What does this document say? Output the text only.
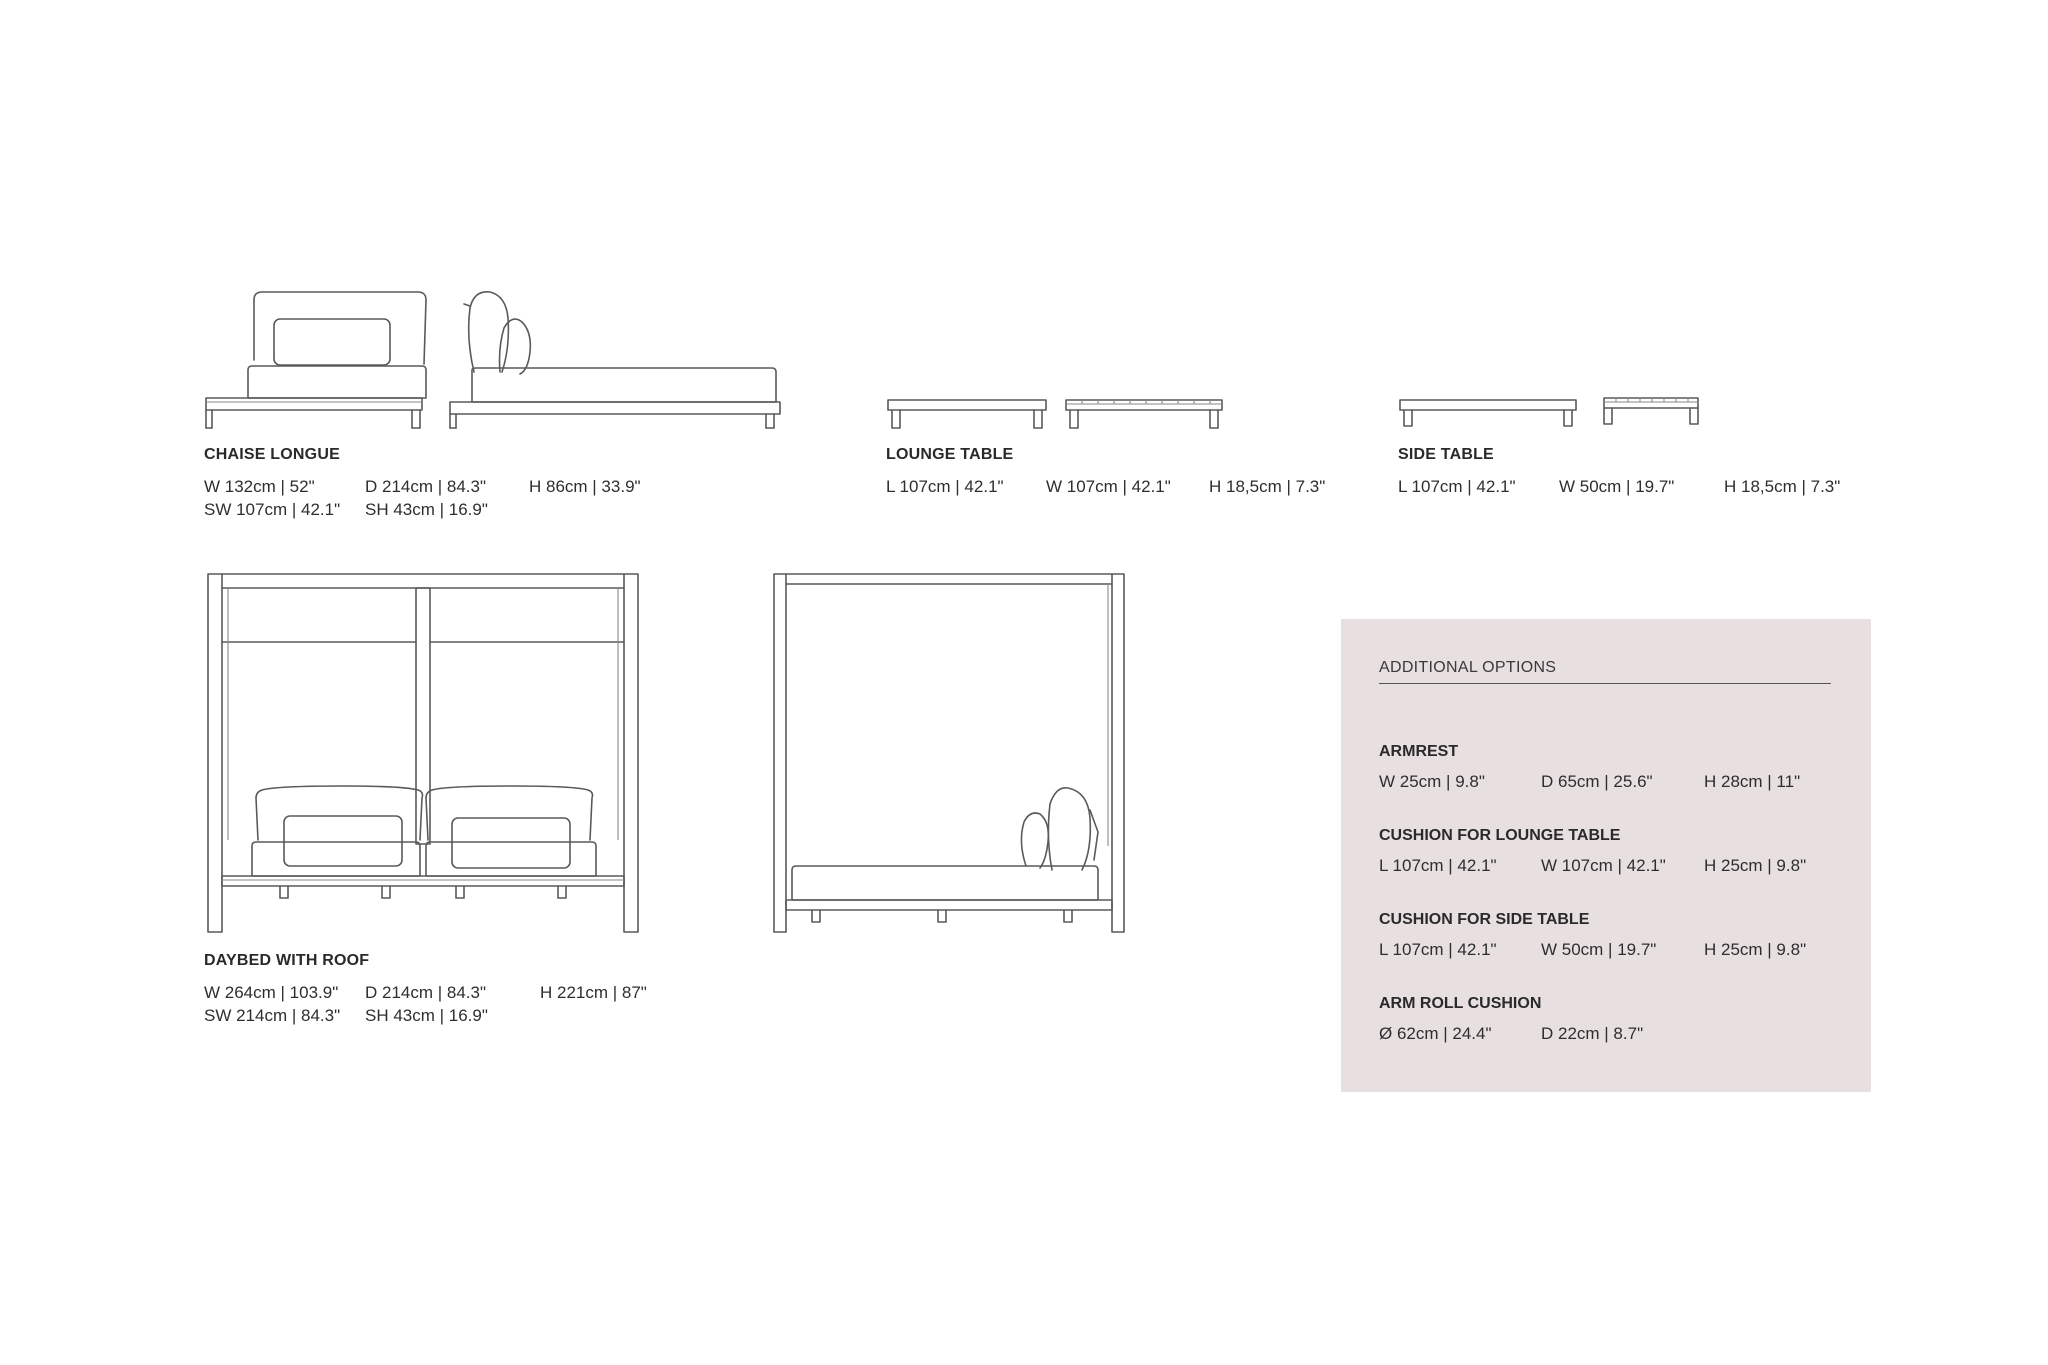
CHAISE LONGUE
W 132cm | 52"	D 214cm | 84.3"	H 86cm | 33.9"
SW 107cm | 42.1" SH 43cm | 16.9"
LOUNGE TABLE
L 107cm | 42.1" W 107cm | 42.1" H 18,5cm | 7.3"
SIDE TABLE
L 107cm | 42.1"	W 50cm | 19.7"	H 18,5cm | 7.3"
DAYBED WITH ROOF
W 264cm | 103.9" D 214cm | 84.3"	H 221cm | 87"
SW 214cm | 84.3" SH 43cm | 16.9"
ADDITIONAL OPTIONS
ARMREST
W 25cm | 9.8"	D 65cm | 25.6"	H 28cm | 11"
CUSHION FOR LOUNGE TABLE
L 107cm | 42.1"	W 107cm | 42.1" H 25cm | 9.8"
CUSHION FOR SIDE TABLE
L 107cm | 42.1"	W 50cm | 19.7"	H 25cm | 9.8"
ARM ROLL CUSHION
Ø 62cm | 24.4"	D 22cm | 8.7"
